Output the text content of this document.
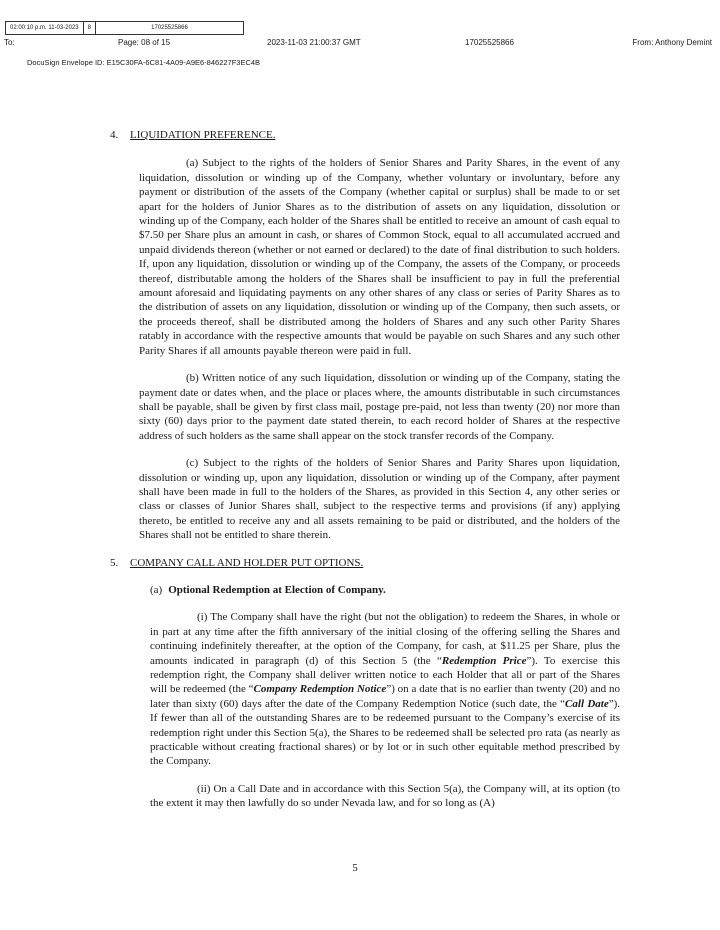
02:00:10 p.m. 11-03-2023	8	17025525866
To:	Page: 08 of 15	2023-11-03 21:00:37 GMT	17025525866	From: Anthony Demint
DocuSign Envelope ID: E15C30FA-6C81-4A09-A9E6-846227F3EC4B

4. LIQUIDATION PREFERENCE.

(a) Subject to the rights of the holders of Senior Shares and Parity Shares, in the event of any liquidation, dissolution or winding up of the Company, whether voluntary or involuntary, before any payment or distribution of the assets of the Company (whether capital or surplus) shall be made to or set apart for the holders of Junior Shares as to the distribution of assets on any liquidation, dissolution or winding up of the Company, each holder of the Shares shall be entitled to receive an amount of cash equal to $7.50 per Share plus an amount in cash, or shares of Common Stock, equal to all accumulated accrued and unpaid dividends thereon (whether or not earned or declared) to the date of final distribution to such holders. If, upon any liquidation, dissolution or winding up of the Company, the assets of the Company, or proceeds thereof, distributable among the holders of the Shares shall be insufficient to pay in full the preferential amount aforesaid and liquidating payments on any other shares of any class or series of Parity Shares as to the distribution of assets on any liquidation, dissolution or winding up of the Company, then such assets, or the proceeds thereof, shall be distributed among the holders of Shares and any such other Parity Shares ratably in accordance with the respective amounts that would be payable on such Shares and any such other Parity Shares if all amounts payable thereon were paid in full.

(b) Written notice of any such liquidation, dissolution or winding up of the Company, stating the payment date or dates when, and the place or places where, the amounts distributable in such circumstances shall be payable, shall be given by first class mail, postage pre-paid, not less than twenty (20) nor more than sixty (60) days prior to the payment date stated therein, to each record holder of Shares at the respective address of such holders as the same shall appear on the stock transfer records of the Company.

(c) Subject to the rights of the holders of Senior Shares and Parity Shares upon liquidation, dissolution or winding up, upon any liquidation, dissolution or winding up of the Company, after payment shall have been made in full to the holders of the Shares, as provided in this Section 4, any other series or class or classes of Junior Shares shall, subject to the respective terms and provisions (if any) applying thereto, be entitled to receive any and all assets remaining to be paid or distributed, and the holders of the Shares shall not be entitled to share therein.

5. COMPANY CALL AND HOLDER PUT OPTIONS.

(a) Optional Redemption at Election of Company.

(i) The Company shall have the right (but not the obligation) to redeem the Shares, in whole or in part at any time after the fifth anniversary of the initial closing of the offering selling the Shares and continuing indefinitely thereafter, at the option of the Company, for cash, at $11.25 per Share, plus the amounts indicated in paragraph (d) of this Section 5 (the “Redemption Price”). To exercise this redemption right, the Company shall deliver written notice to each Holder that all or part of the Shares will be redeemed (the “Company Redemption Notice”) on a date that is no earlier than twenty (20) and no later than sixty (60) days after the date of the Company Redemption Notice (such date, the “Call Date”). If fewer than all of the outstanding Shares are to be redeemed pursuant to the Company’s exercise of its redemption right under this Section 5(a), the Shares to be redeemed shall be selected pro rata (as nearly as practicable without creating fractional shares) or by lot or in such other equitable method prescribed by the Company.

(ii) On a Call Date and in accordance with this Section 5(a), the Company will, at its option (to the extent it may then lawfully do so under Nevada law, and for so long as (A)

5
